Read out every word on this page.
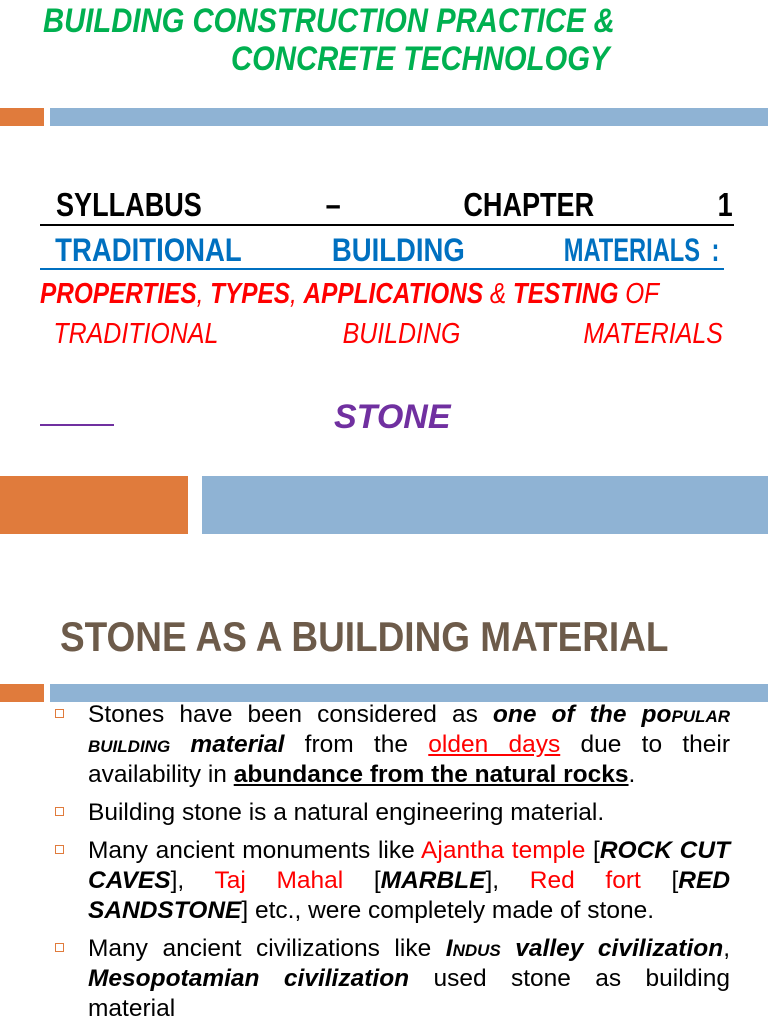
BUILDING CONSTRUCTION PRACTICE &
CONCRETE TECHNOLOGY
SYLLABUS	–	CHAPTER	1
TRADITIONAL	BUILDING	MATERIALS :
PROPERTIES, TYPES, APPLICATIONS & TESTING OF
TRADITIONAL	BUILDING	MATERIALS
STONE
STONE AS A BUILDING MATERIAL
Stones have been considered as one of the popular building material from the olden days due to their availability in abundance from the natural rocks.
Building stone is a natural engineering material.
Many ancient monuments like Ajantha temple [ROCK CUT CAVES], Taj Mahal [MARBLE], Red fort [RED SANDSTONE] etc., were completely made of stone.
Many ancient civilizations like Indus valley civilization, Mesopotamian civilization used stone as building material
